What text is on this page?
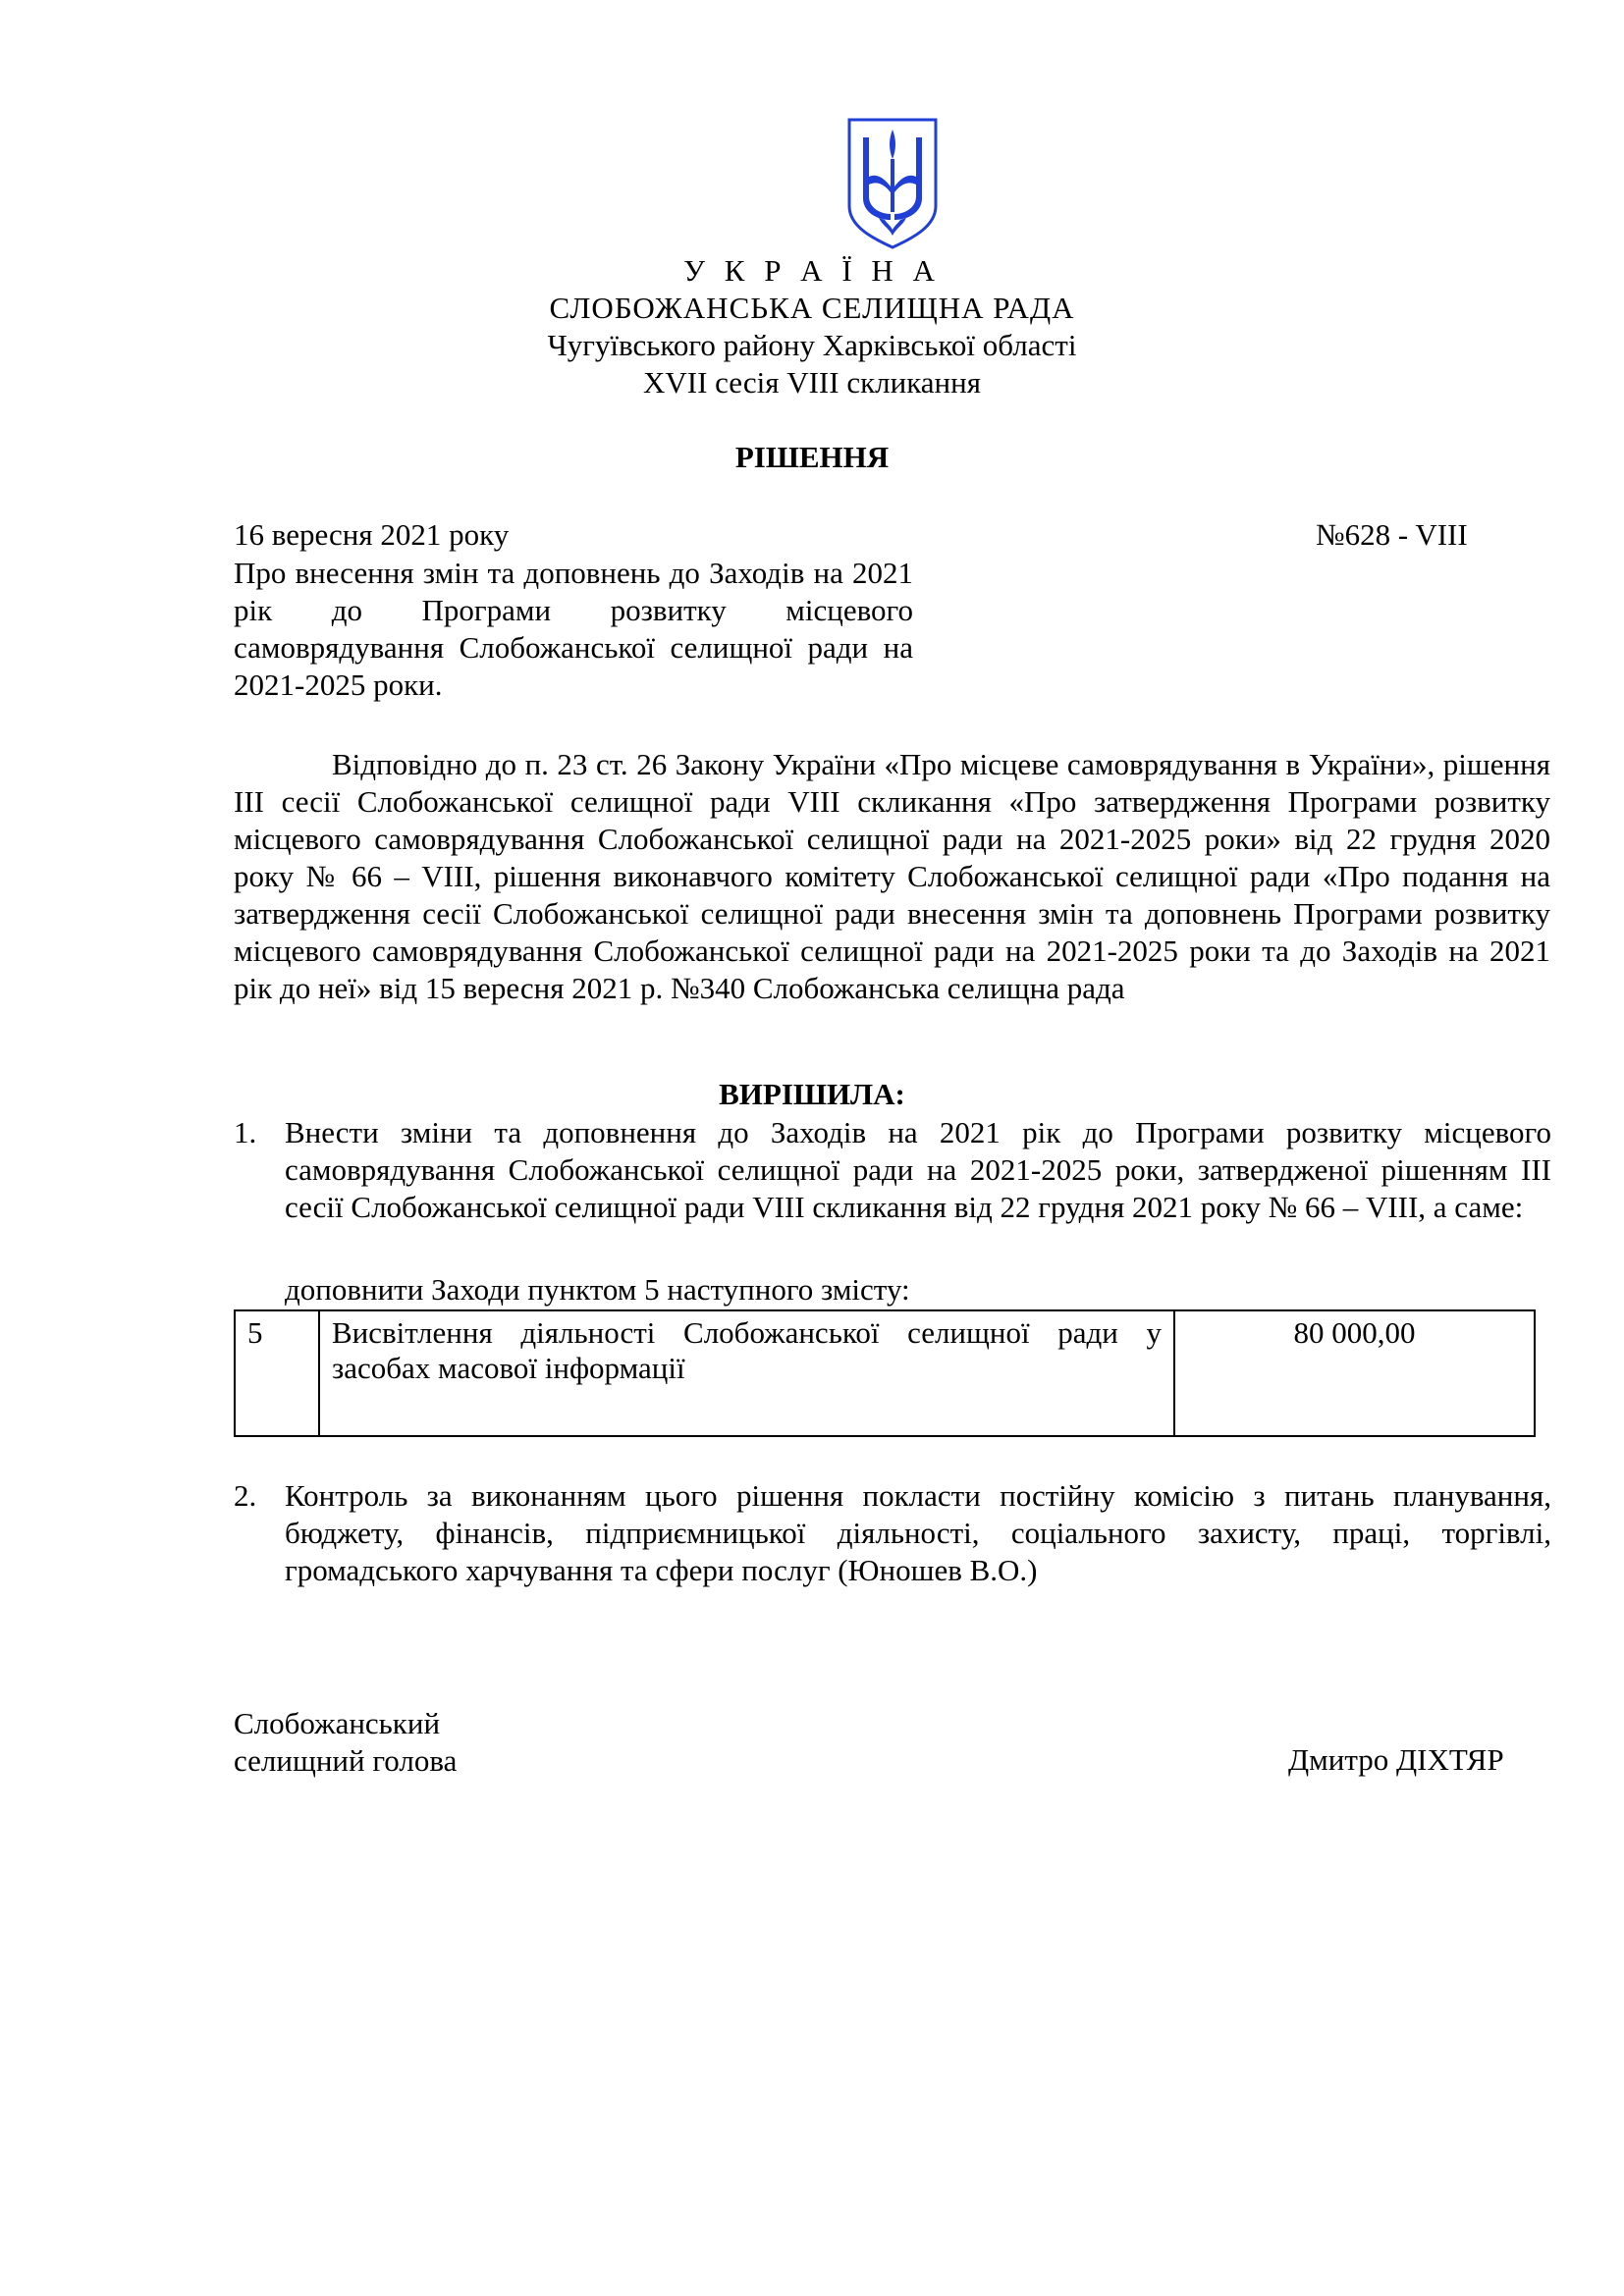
У К Р А Ї Н А
СЛОБОЖАНСЬКА СЕЛИЩНА РАДА
Чугуївського району Харківської області
XVII сесія VIII скликання
РІШЕННЯ
16 вересня 2021 року	№628 - VIII
Про внесення змін та доповнень до Заходів на 2021 рік до Програми розвитку місцевого самоврядування Слобожанської селищної ради на 2021-2025 роки.
Відповідно до п. 23 ст. 26 Закону України «Про місцеве самоврядування в України», рішення ІІІ сесії Слобожанської селищної ради VІІІ скликання «Про затвердження Програми розвитку місцевого самоврядування Слобожанської селищної ради на 2021-2025 роки» від 22 грудня 2020 року № 66 – VІІІ, рішення виконавчого комітету Слобожанської селищної ради «Про подання на затвердження сесії Слобожанської селищної ради внесення змін та доповнень Програми розвитку місцевого самоврядування Слобожанської селищної ради на 2021-2025 роки та до Заходів на 2021 рік до неї» від 15 вересня 2021 р. №340 Слобожанська селищна рада
ВИРІШИЛА:
1. Внести зміни та доповнення до Заходів на 2021 рік до Програми розвитку місцевого самоврядування Слобожанської селищної ради на 2021-2025 роки, затвердженої рішенням ІІІ сесії Слобожанської селищної ради VІІІ скликання від 22 грудня 2021 року № 66 – VІІІ, а саме:
доповнити Заходи пунктом 5 наступного змісту:
5	Висвітлення діяльності Слобожанської селищної ради у засобах масової інформації	80 000,00
2. Контроль за виконанням цього рішення покласти постійну комісію з питань планування, бюджету, фінансів, підприємницької діяльності, соціального захисту, праці, торгівлі, громадського харчування та сфери послуг (Юношев В.О.)
Слобожанський
селищний голова	Дмитро ДІХТЯР
